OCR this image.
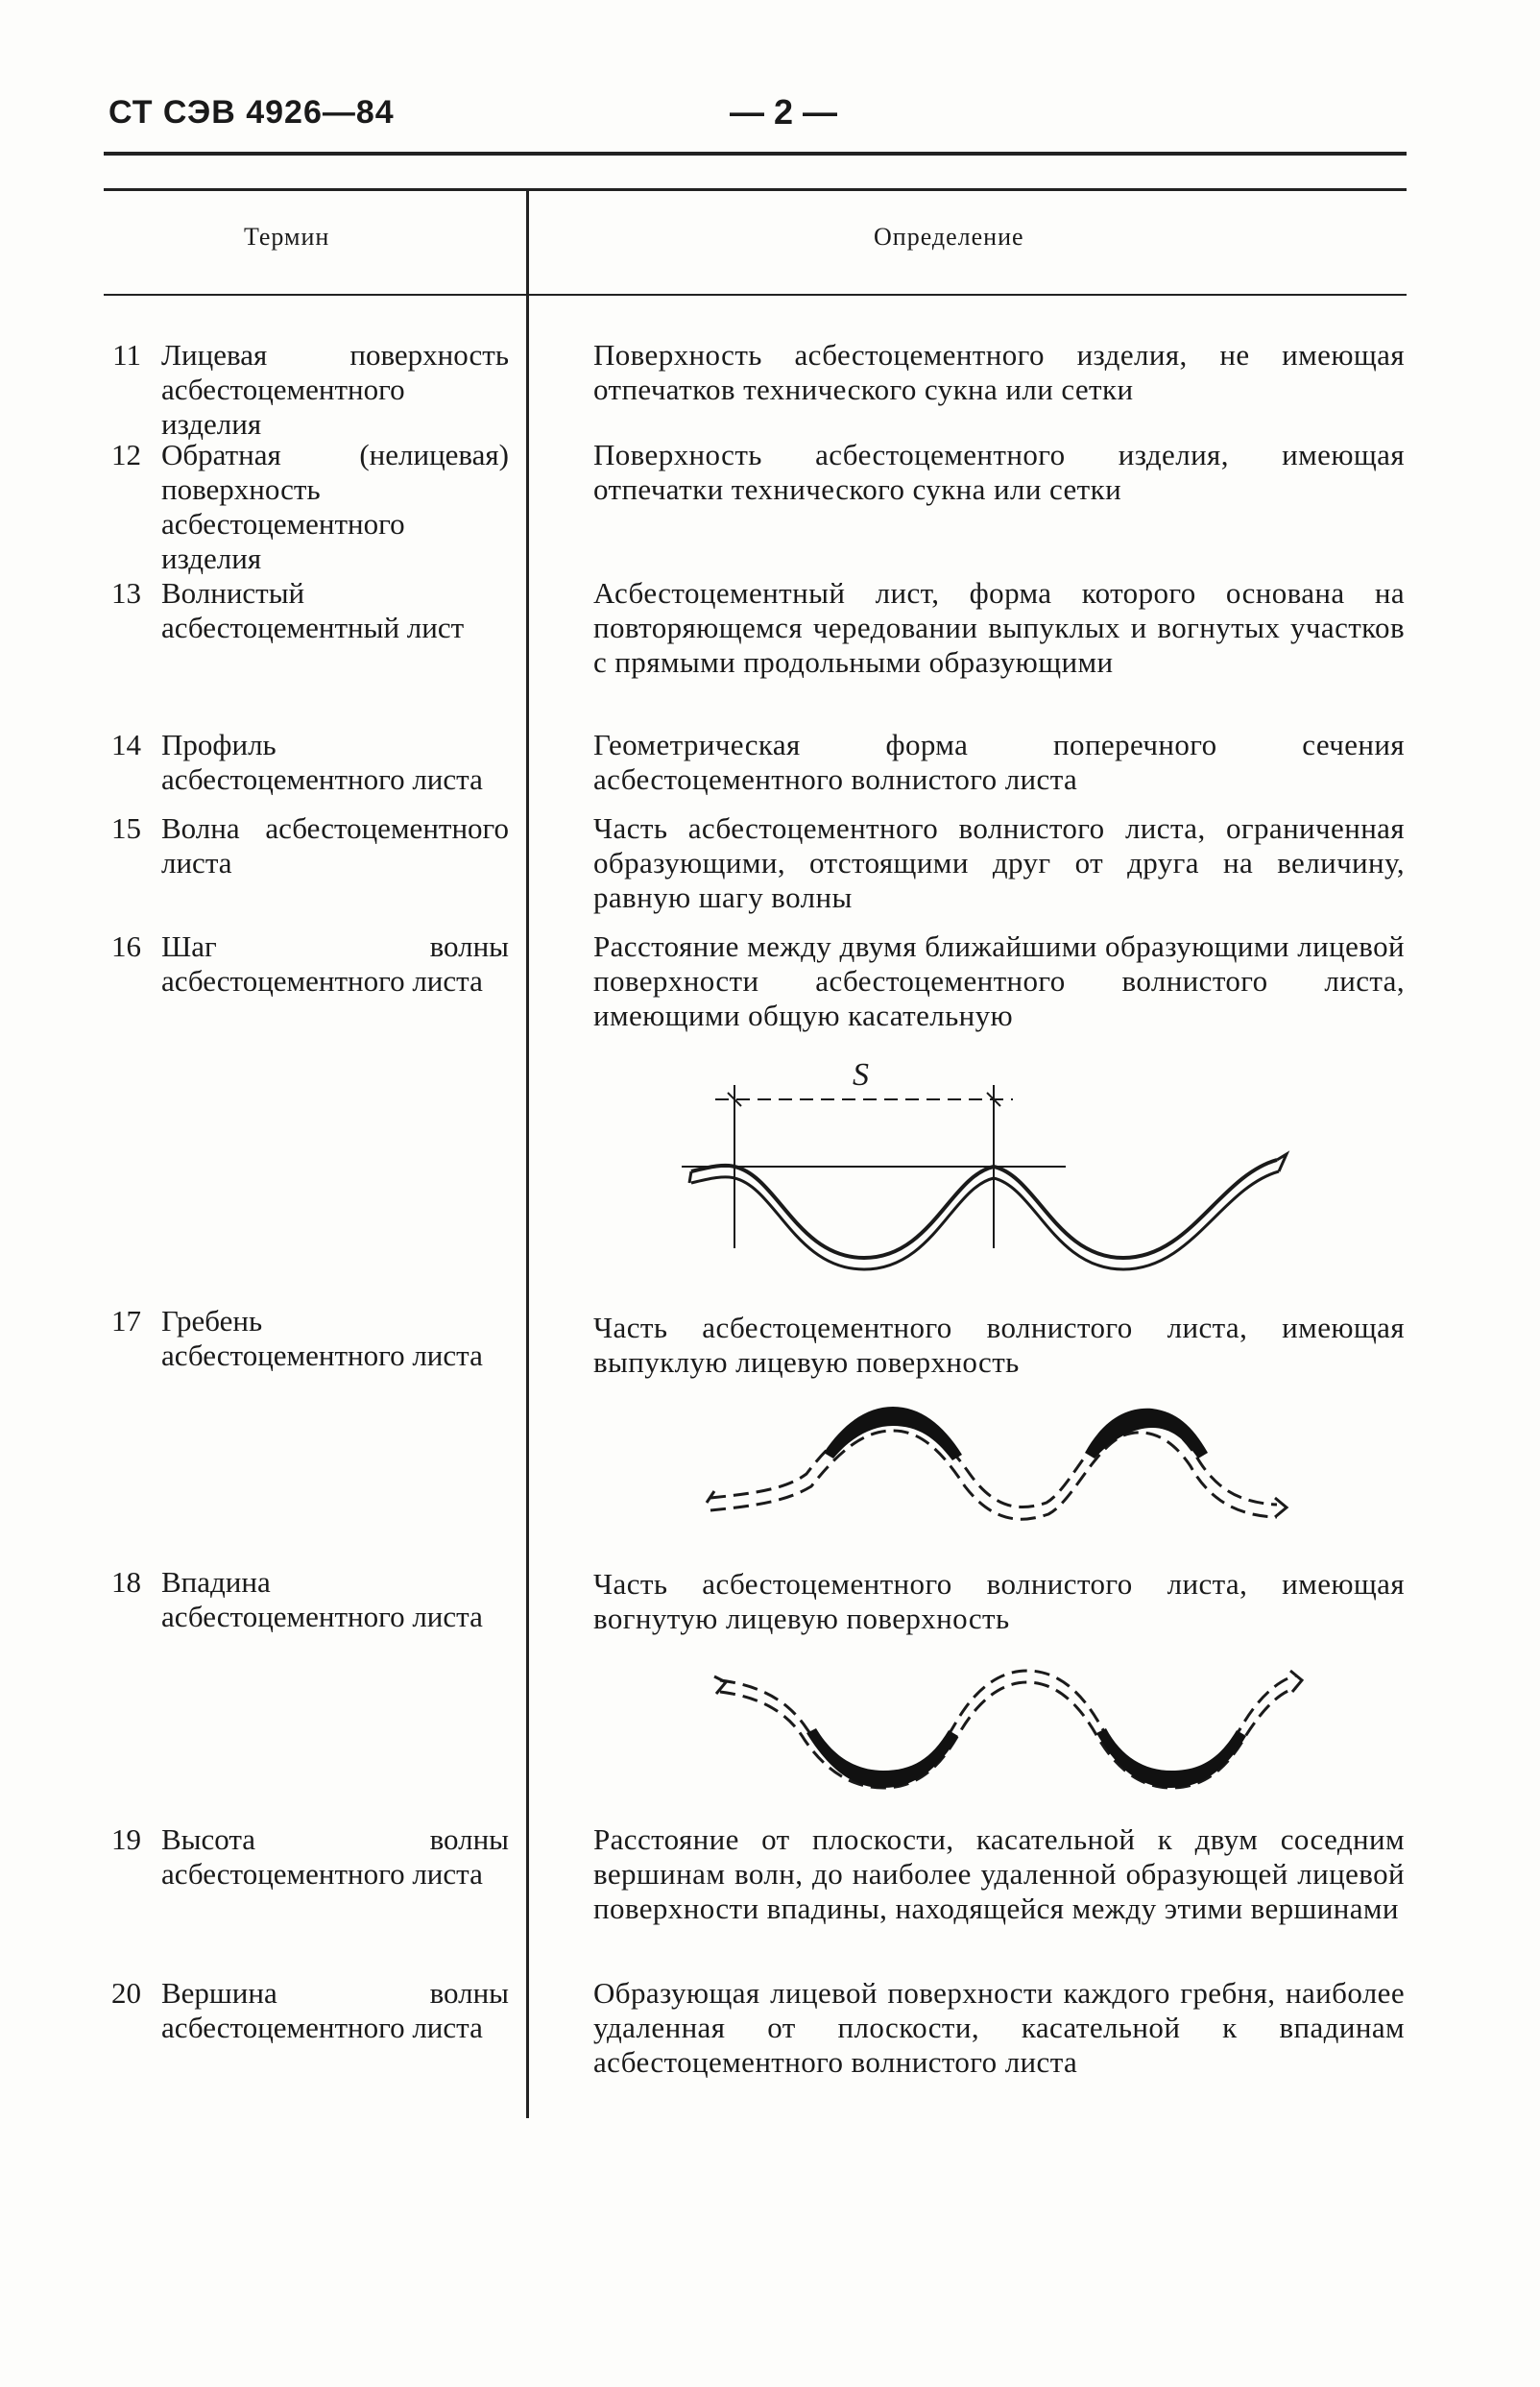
СТ СЭВ 4926—84	— 2 —
Термин	Определение
11 Лицевая поверхность асбестоцементного изделия
Поверхность асбестоцементного изделия, не имеющая отпечатков технического сукна или сетки
12 Обратная (нелицевая) поверхность асбестоцементного изделия
Поверхность асбестоцементного изделия, имеющая отпечатки технического сукна или сетки
13 Волнистый асбестоцементный лист
Асбестоцементный лист, форма которого основана на повторяющемся чередовании выпуклых и вогнутых участков с прямыми продольными образующими
14 Профиль асбестоцементного листа
Геометрическая форма поперечного сечения асбестоцементного волнистого листа
15 Волна асбестоцементного листа
Часть асбестоцементного волнистого листа, ограниченная образующими, отстоящими друг от друга на величину, равную шагу волны
16 Шаг волны асбестоцементного листа
Расстояние между двумя ближайшими образующими лицевой поверхности асбестоцементного волнистого листа, имеющими общую касательную
S
17 Гребень асбестоцементного листа
Часть асбестоцементного волнистого листа, имеющая выпуклую лицевую поверхность
18 Впадина асбестоцементного листа
Часть асбестоцементного волнистого листа, имеющая вогнутую лицевую поверхность
19 Высота волны асбестоцементного листа
Расстояние от плоскости, касательной к двум соседним вершинам волн, до наиболее удаленной образующей лицевой поверхности впадины, находящейся между этими вершинами
20 Вершина волны асбестоцементного листа
Образующая лицевой поверхности каждого гребня, наиболее удаленная от плоскости, касательной к впадинам асбестоцементного волнистого листа
